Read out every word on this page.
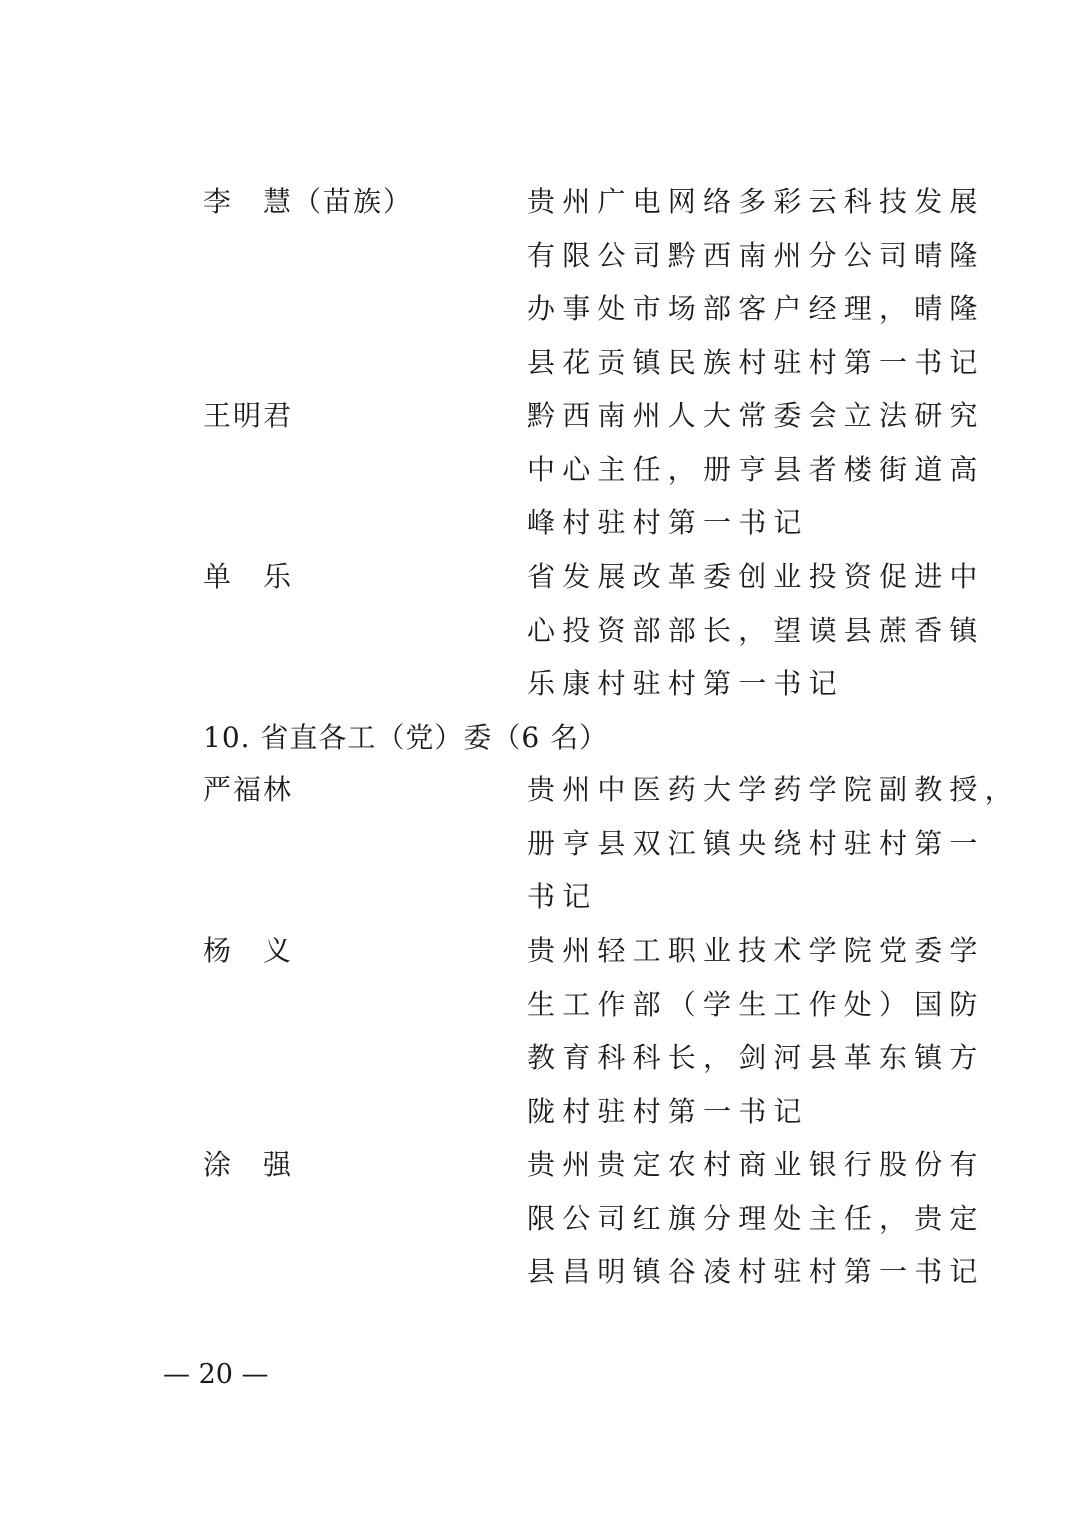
李　慧（苗族）	贵州广电网络多彩云科技发展
有限公司黔西南州分公司晴隆
办事处市场部客户经理，晴隆
县花贡镇民族村驻村第一书记
王明君	黔西南州人大常委会立法研究
中心主任，册亨县者楼街道高
峰村驻村第一书记
单　乐	省发展改革委创业投资促进中
心投资部部长，望谟县蔗香镇
乐康村驻村第一书记
10. 省直各工（党）委（6 名）
严福林	贵州中医药大学药学院副教授，
册亨县双江镇央绕村驻村第一
书记
杨　义	贵州轻工职业技术学院党委学
生工作部（学生工作处）国防
教育科科长，剑河县革东镇方
陇村驻村第一书记
涂　强	贵州贵定农村商业银行股份有
限公司红旗分理处主任，贵定
县昌明镇谷凌村驻村第一书记
— 20 —
